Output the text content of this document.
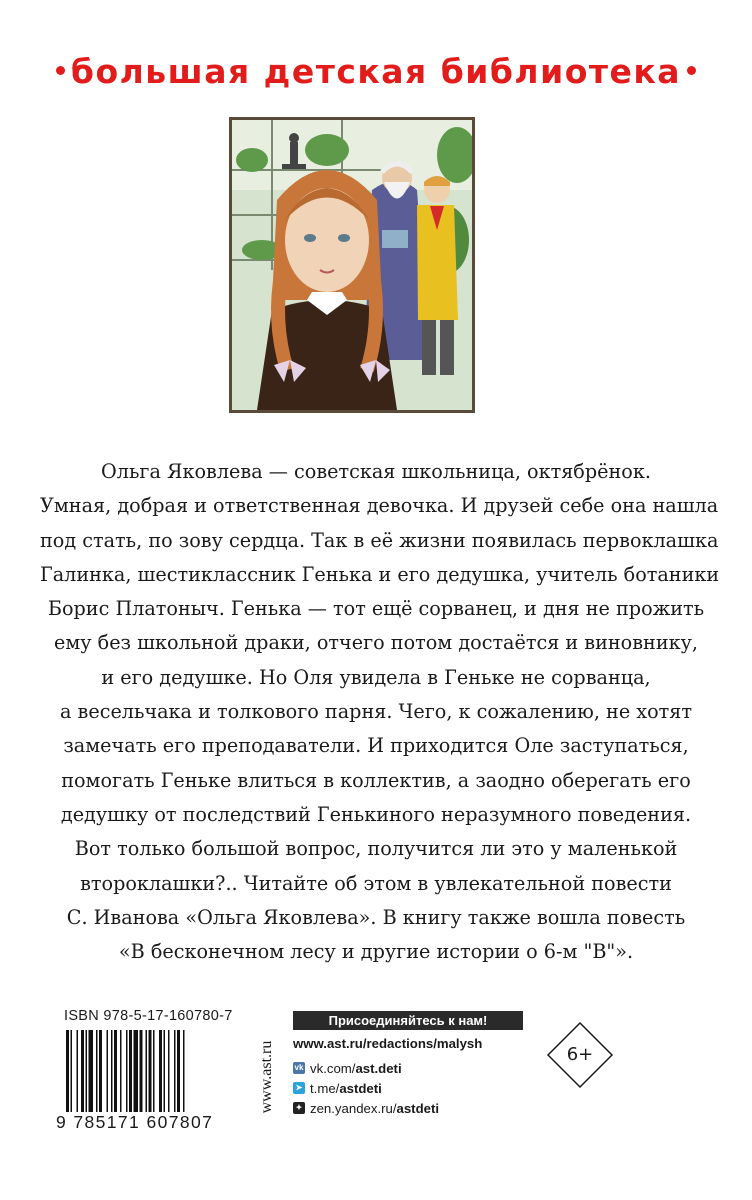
большая детская библиотека

Ольга Яковлева — советская школьница, октябрёнок.

Умная, добрая и ответственная девочка. И друзей себе она нашла

под стать, по зову сердца. Так в её жизни появилась первоклашка

Галинка, шестиклассник Генька и его дедушка, учитель ботаники

Борис Платоныч. Генька — тот ещё сорванец, и дня не прожить

ему без школьной драки, отчего потом достаётся и виновнику,

и его дедушке. Но Оля увидела в Геньке не сорванца,

а весельчака и толкового парня. Чего, к сожалению, не хотят

замечать его преподаватели. И приходится Оле заступаться,

помогать Геньке влиться в коллектив, а заодно оберегать его

дедушку от последствий Генькиного неразумного поведения.

Вот только большой вопрос, получится ли это у маленькой

второклашки?.. Читайте об этом в увлекательной повести

С. Иванова «Ольга Яковлева». В книгу также вошла повесть

«В бесконечном лесу и другие истории о 6-м "В"».

ISBN 978-5-17-160780-7
9 785171 607807
www.ast.ru
Присоединяйтесь к нам!
www.ast.ru/redactions/malysh
vk vk.com/ ast.deti
➤ t.me/ astdeti
✦ zen.yandex.ru/ astdeti
6+
